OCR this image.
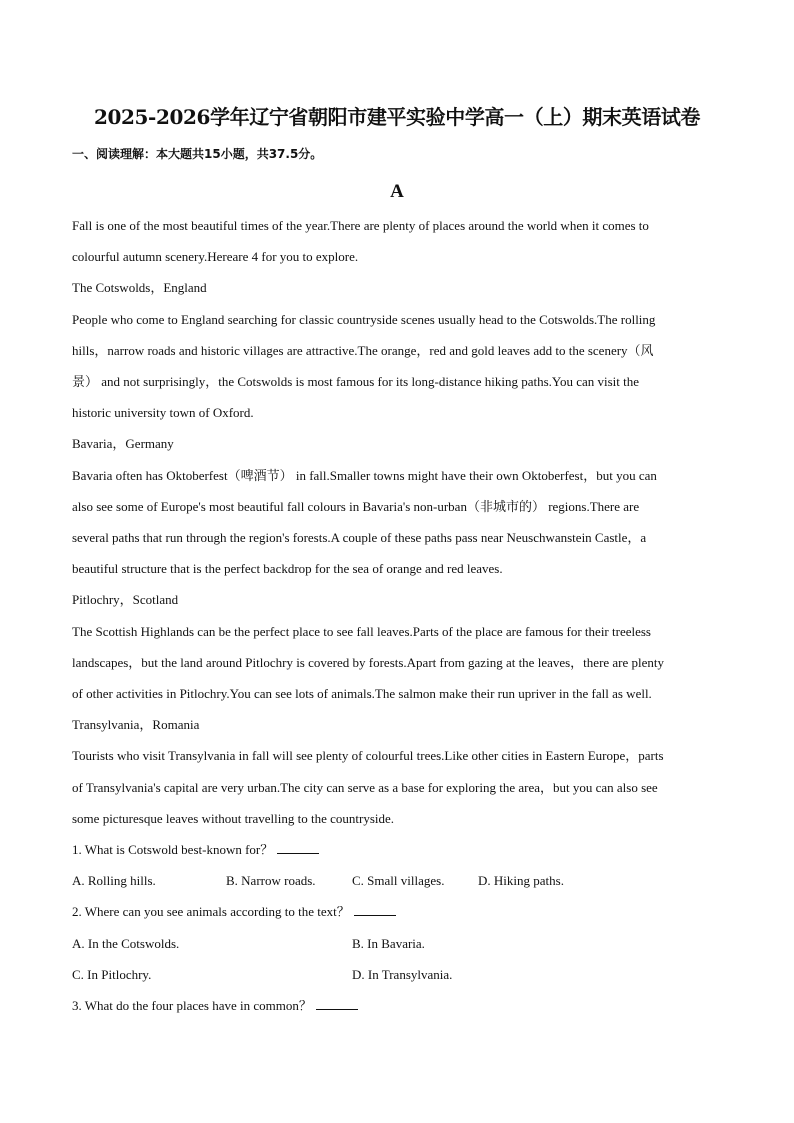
2025-2026学年辽宁省朝阳市建平实验中学高一（上）期末英语试卷

一、阅读理解：本大题共15小题，共37.5分。

A

Fall is one of the most beautiful times of the year.There are plenty of places around the world when it comes to

colourful autumn scenery.Hereare 4 for you to explore.

The Cotswolds，England

People who come to England searching for classic countryside scenes usually head to the Cotswolds.The rolling

hills，narrow roads and historic villages are attractive.The orange，red and gold leaves add to the scenery（风

景） and not surprisingly，the Cotswolds is most famous for its long-distance hiking paths.You can visit the

historic university town of Oxford.

Bavaria，Germany

Bavaria often has Oktoberfest（啤酒节） in fall.Smaller towns might have their own Oktoberfest，but you can

also see some of Europe's most beautiful fall colours in Bavaria's non-urban（非城市的） regions.There are

several paths that run through the region's forests.A couple of these paths pass near Neuschwanstein Castle，a

beautiful structure that is the perfect backdrop for the sea of orange and red leaves.

Pitlochry，Scotland

The Scottish Highlands can be the perfect place to see fall leaves.Parts of the place are famous for their treeless

landscapes，but the land around Pitlochry is covered by forests.Apart from gazing at the leaves，there are plenty

of other activities in Pitlochry.You can see lots of animals.The salmon make their run upriver in the fall as well.

Transylvania，Romania

Tourists who visit Transylvania in fall will see plenty of colourful trees.Like other cities in Eastern Europe，parts

of Transylvania's capital are very urban.The city can serve as a base for exploring the area，but you can also see

some picturesque leaves without travelling to the countryside.

1. What is Cotswold best-known for？

A. Rolling hills.	B. Narrow roads.	C. Small villages.	D. Hiking paths.

2. Where can you see animals according to the text？

A. In the Cotswolds.	B. In Bavaria.
C. In Pitlochry.	D. In Transylvania.

3. What do the four places have in common？
